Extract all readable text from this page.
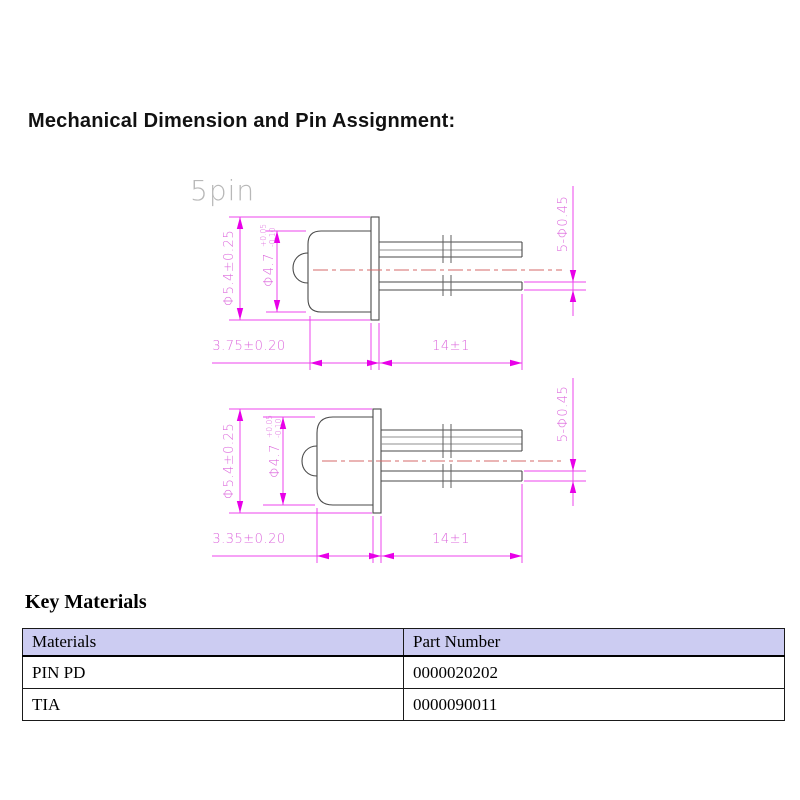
Mechanical Dimension and Pin Assignment:
5pin
Φ5.4±0.25 Φ4.7
+0.05 -0.10	5-Φ0.45
3.75±0.20	14±1
Φ5.4±0.25 Φ4.7
+0.05 -0.10	5-Φ0.45
3.35±0.20	14±1
Key Materials
Materials	Part Number
PIN PD	0000020202
TIA	0000090011
